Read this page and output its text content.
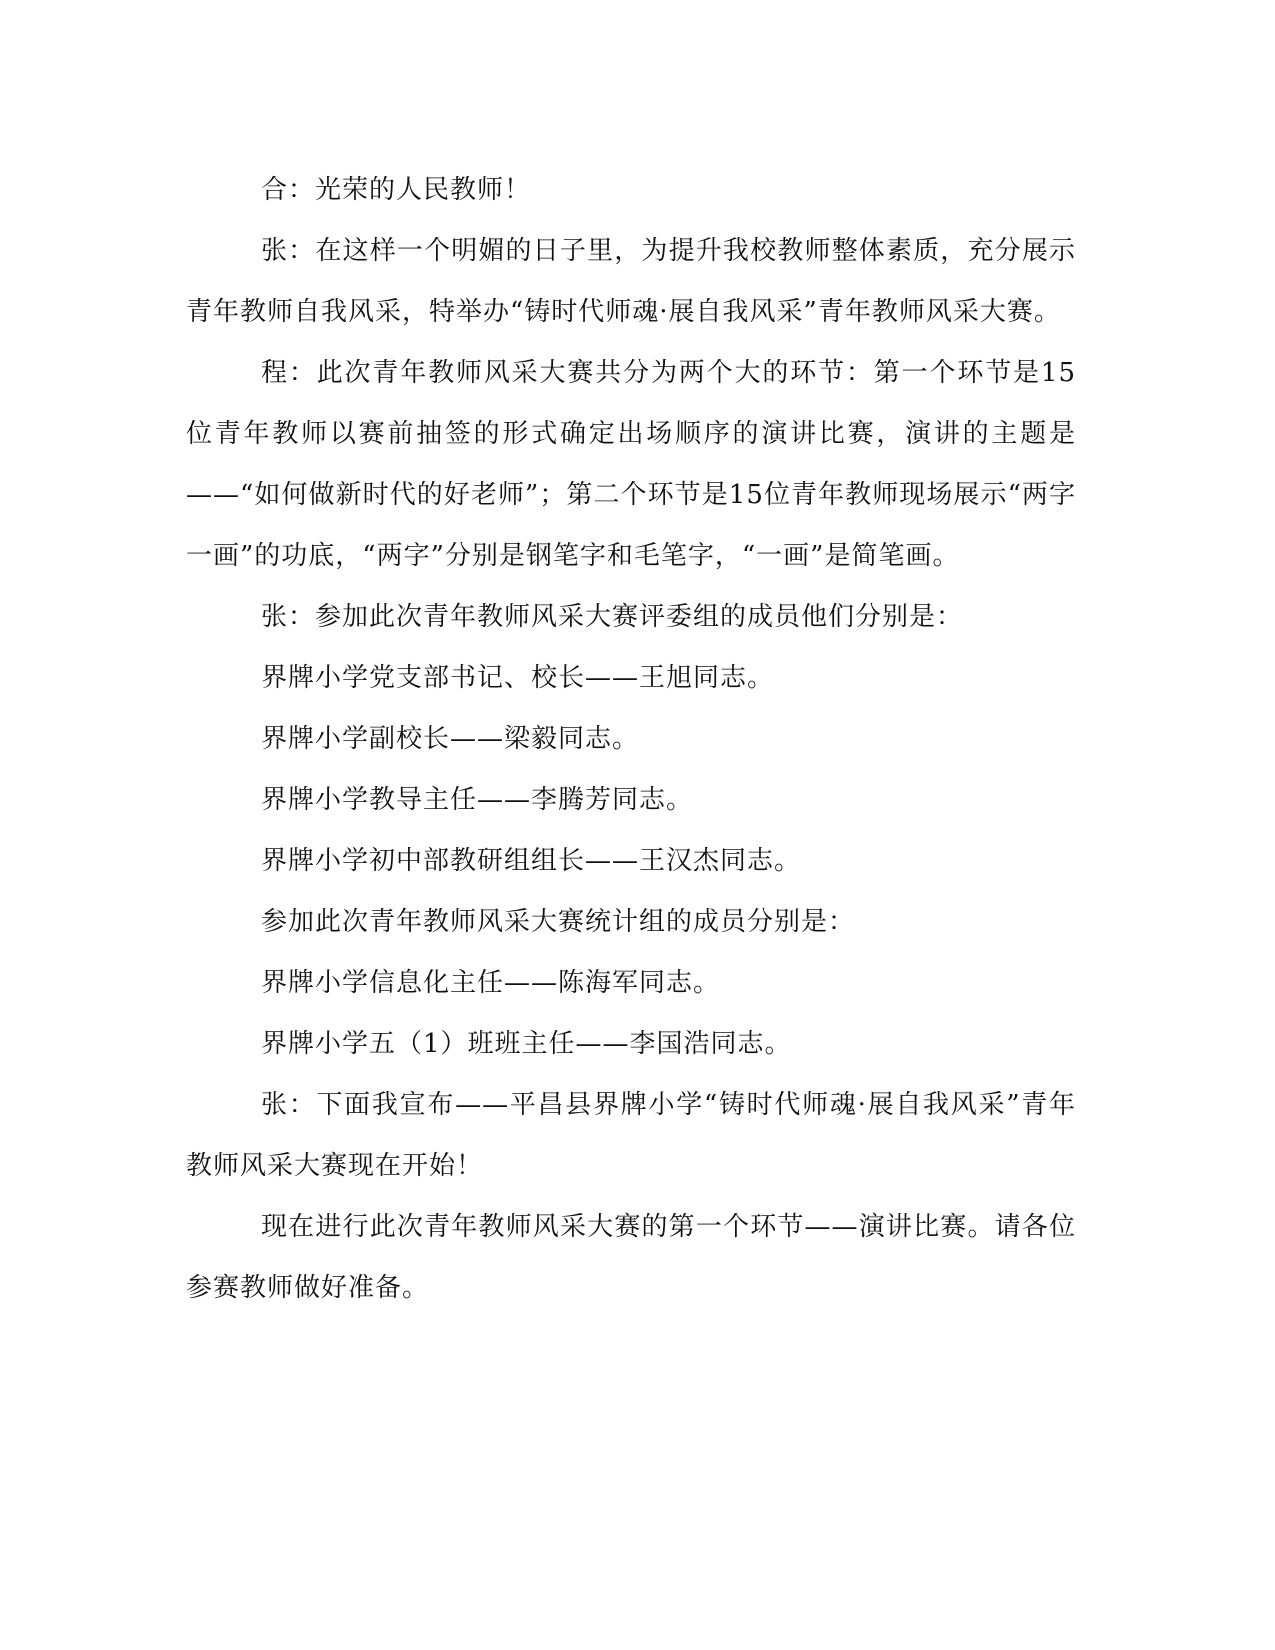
合：光荣的人民教师！

张：在这样一个明媚的日子里，为提升我校教师整体素质，充分展示青年教师自我风采，特举办“铸时代师魂·展自我风采”青年教师风采大赛。

程：此次青年教师风采大赛共分为两个大的环节：第一个环节是15位青年教师以赛前抽签的形式确定出场顺序的演讲比赛，演讲的主题是——“如何做新时代的好老师”；第二个环节是15位青年教师现场展示“两字一画”的功底，“两字”分别是钢笔字和毛笔字，“一画”是简笔画。

张：参加此次青年教师风采大赛评委组的成员他们分别是：

界牌小学党支部书记、校长——王旭同志。

界牌小学副校长——梁毅同志。

界牌小学教导主任——李腾芳同志。

界牌小学初中部教研组组长——王汉杰同志。

参加此次青年教师风采大赛统计组的成员分别是：

界牌小学信息化主任——陈海军同志。

界牌小学五（1）班班主任——李国浩同志。

张：下面我宣布——平昌县界牌小学“铸时代师魂·展自我风采”青年教师风采大赛现在开始！

现在进行此次青年教师风采大赛的第一个环节——演讲比赛。请各位参赛教师做好准备。
